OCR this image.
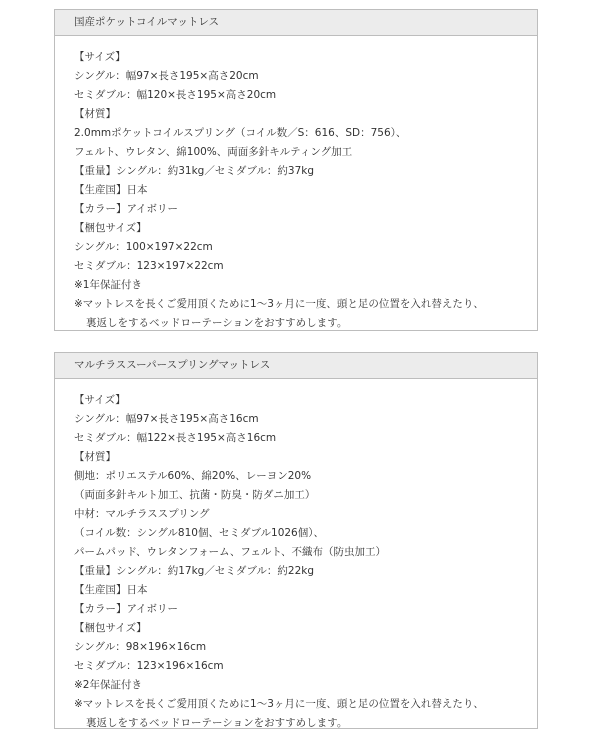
国産ポケットコイルマットレス
【サイズ】
シングル：幅97×長さ195×高さ20cm
セミダブル：幅120×長さ195×高さ20cm
【材質】
2.0mmポケットコイルスプリング（コイル数／S：616、SD：756）、
フェルト、ウレタン、綿100%、両面多針キルティング加工
【重量】シングル：約31kg／セミダブル：約37kg
【生産国】日本
【カラー】アイボリー
【梱包サイズ】
シングル：100×197×22cm
セミダブル：123×197×22cm
※1年保証付き
※マットレスを長くご愛用頂くために1～3ヶ月に一度、頭と足の位置を入れ替えたり、
裏返しをするベッドローテーションをおすすめします。
マルチラススーパースプリングマットレス
【サイズ】
シングル：幅97×長さ195×高さ16cm
セミダブル：幅122×長さ195×高さ16cm
【材質】
側地：ポリエステル60%、綿20%、レーヨン20%
（両面多針キルト加工、抗菌・防臭・防ダニ加工）
中材：マルチラススプリング
（コイル数：シングル810個、セミダブル1026個）、
パームパッド、ウレタンフォーム、フェルト、不織布（防虫加工）
【重量】シングル：約17kg／セミダブル：約22kg
【生産国】日本
【カラー】アイボリー
【梱包サイズ】
シングル：98×196×16cm
セミダブル：123×196×16cm
※2年保証付き
※マットレスを長くご愛用頂くために1～3ヶ月に一度、頭と足の位置を入れ替えたり、
裏返しをするベッドローテーションをおすすめします。
